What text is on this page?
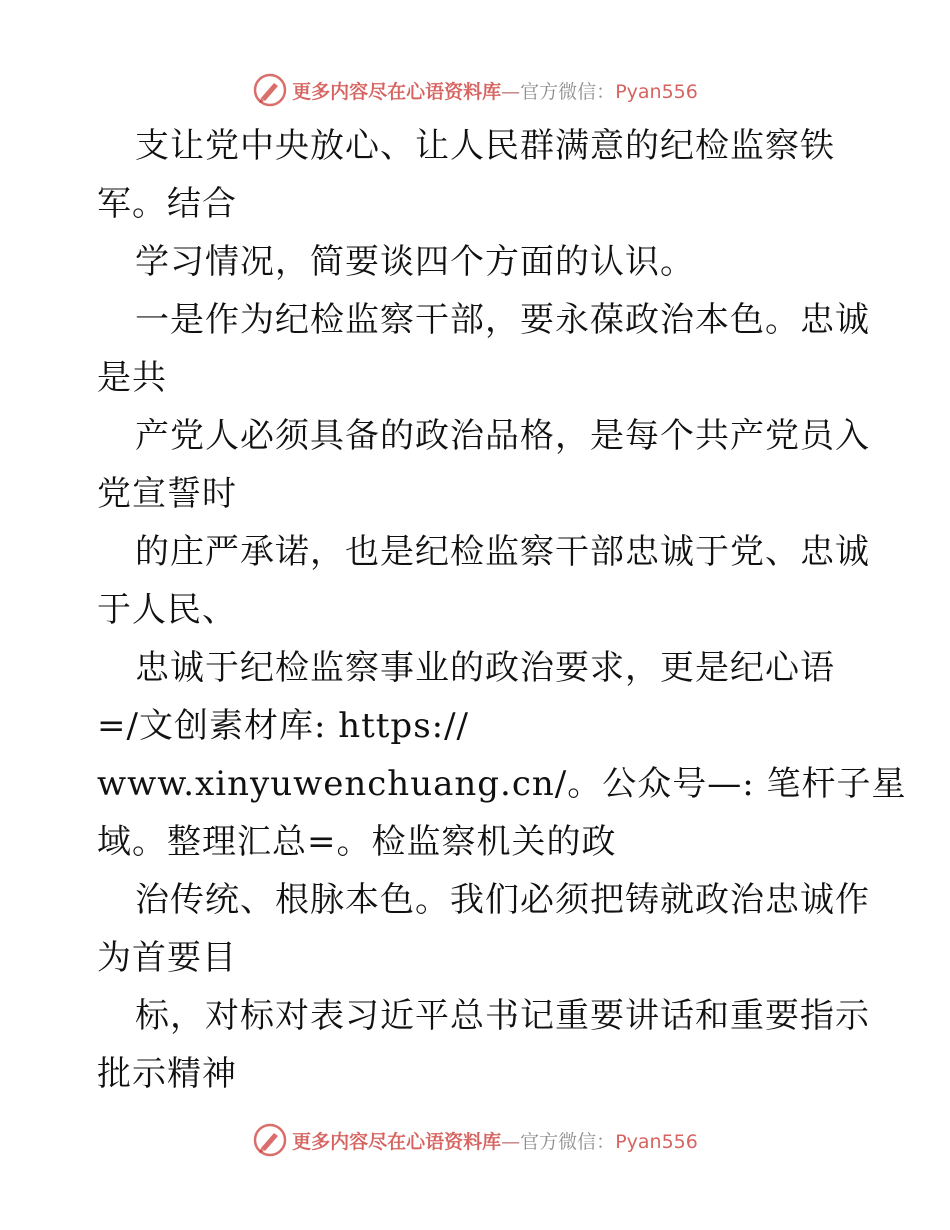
更多内容尽在心语资料库—官方微信：Pyan556
支让党中央放心、让人民群满意的纪检监察铁
军。结合
学习情况，简要谈四个方面的认识。
一是作为纪检监察干部，要永葆政治本色。忠诚
是共
产党人必须具备的政治品格，是每个共产党员入
党宣誓时
的庄严承诺，也是纪检监察干部忠诚于党、忠诚
于人民、
忠诚于纪检监察事业的政治要求，更是纪心语
=/文创素材库: https://
www.xinyuwenchuang.cn/。公众号—: 笔杆子星
域。整理汇总=。检监察机关的政
治传统、根脉本色。我们必须把铸就政治忠诚作
为首要目
标，对标对表习近平总书记重要讲话和重要指示
批示精神
更多内容尽在心语资料库—官方微信：Pyan556
